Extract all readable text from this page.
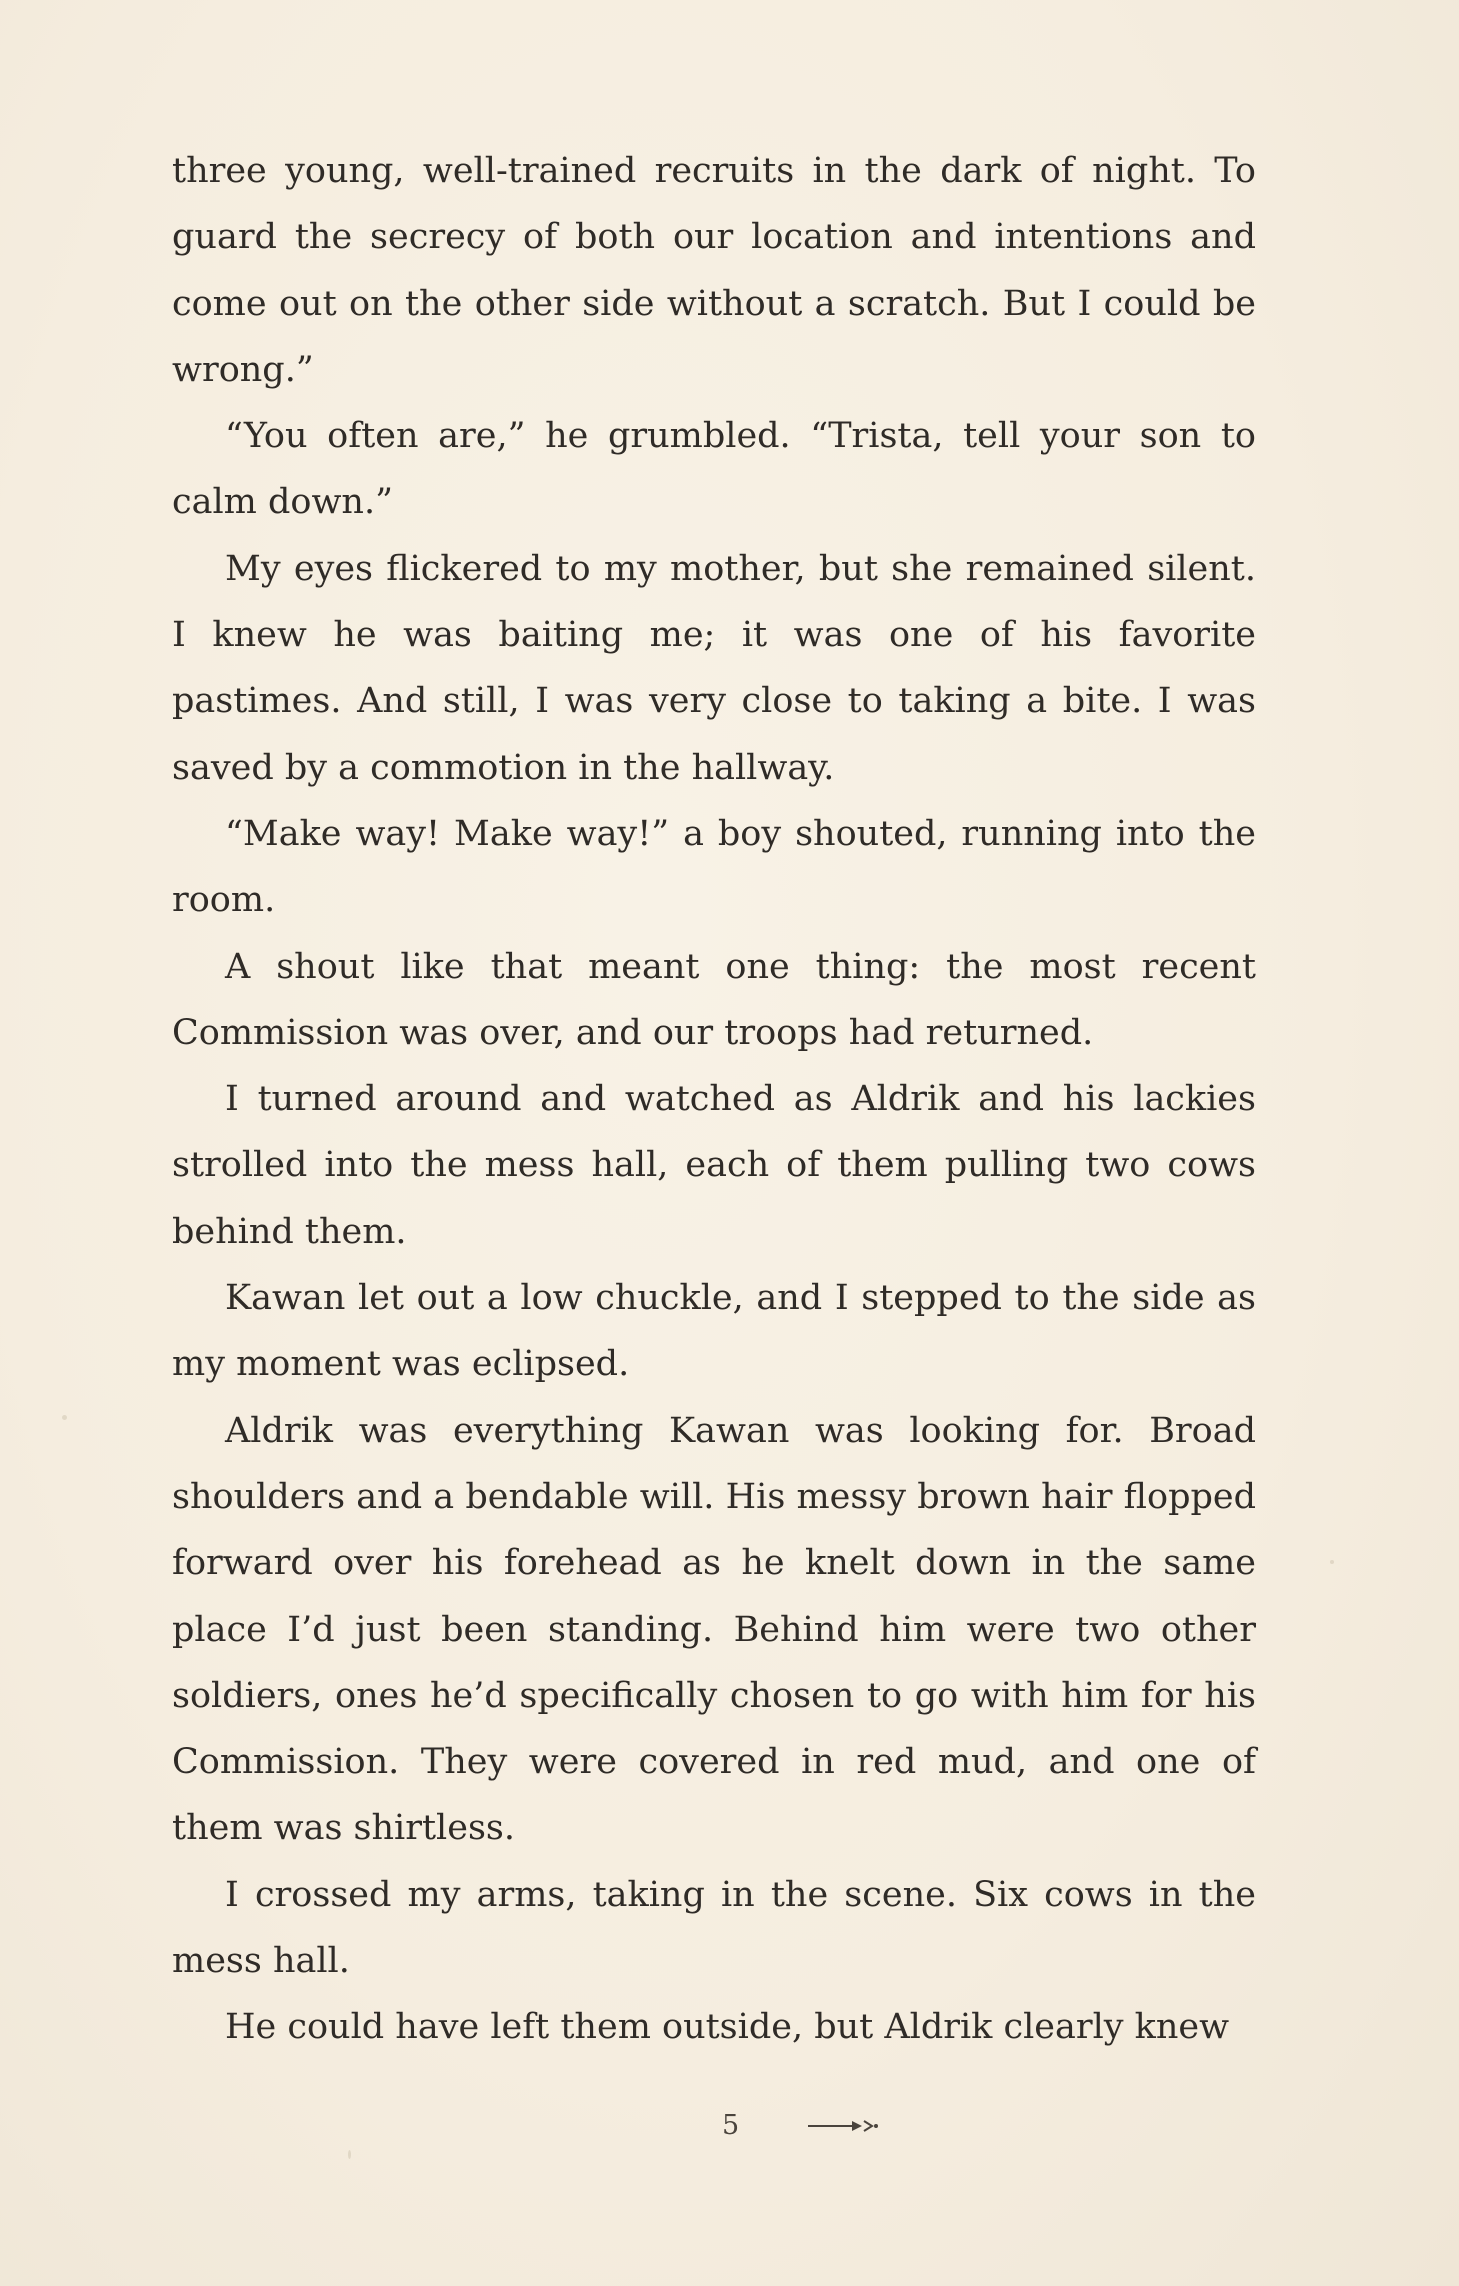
three young, well-trained recruits in the dark of night. To guard the secrecy of both our location and intentions and come out on the other side without a scratch. But I could be wrong.”

“You often are,” he grumbled. “Trista, tell your son to calm down.”

My eyes flickered to my mother, but she remained silent. I knew he was baiting me; it was one of his favorite pastimes. And still, I was very close to taking a bite. I was saved by a commotion in the hallway.

“Make way! Make way!” a boy shouted, running into the room.

A shout like that meant one thing: the most recent Commission was over, and our troops had returned.

I turned around and watched as Aldrik and his lackies strolled into the mess hall, each of them pulling two cows behind them.

Kawan let out a low chuckle, and I stepped to the side as my moment was eclipsed.

Aldrik was everything Kawan was looking for. Broad shoulders and a bendable will. His messy brown hair flopped forward over his forehead as he knelt down in the same place I’d just been standing. Behind him were two other soldiers, ones he’d specifically chosen to go with him for his Commission. They were covered in red mud, and one of them was shirtless.

I crossed my arms, taking in the scene. Six cows in the mess hall.

He could have left them outside, but Aldrik clearly knew

5
